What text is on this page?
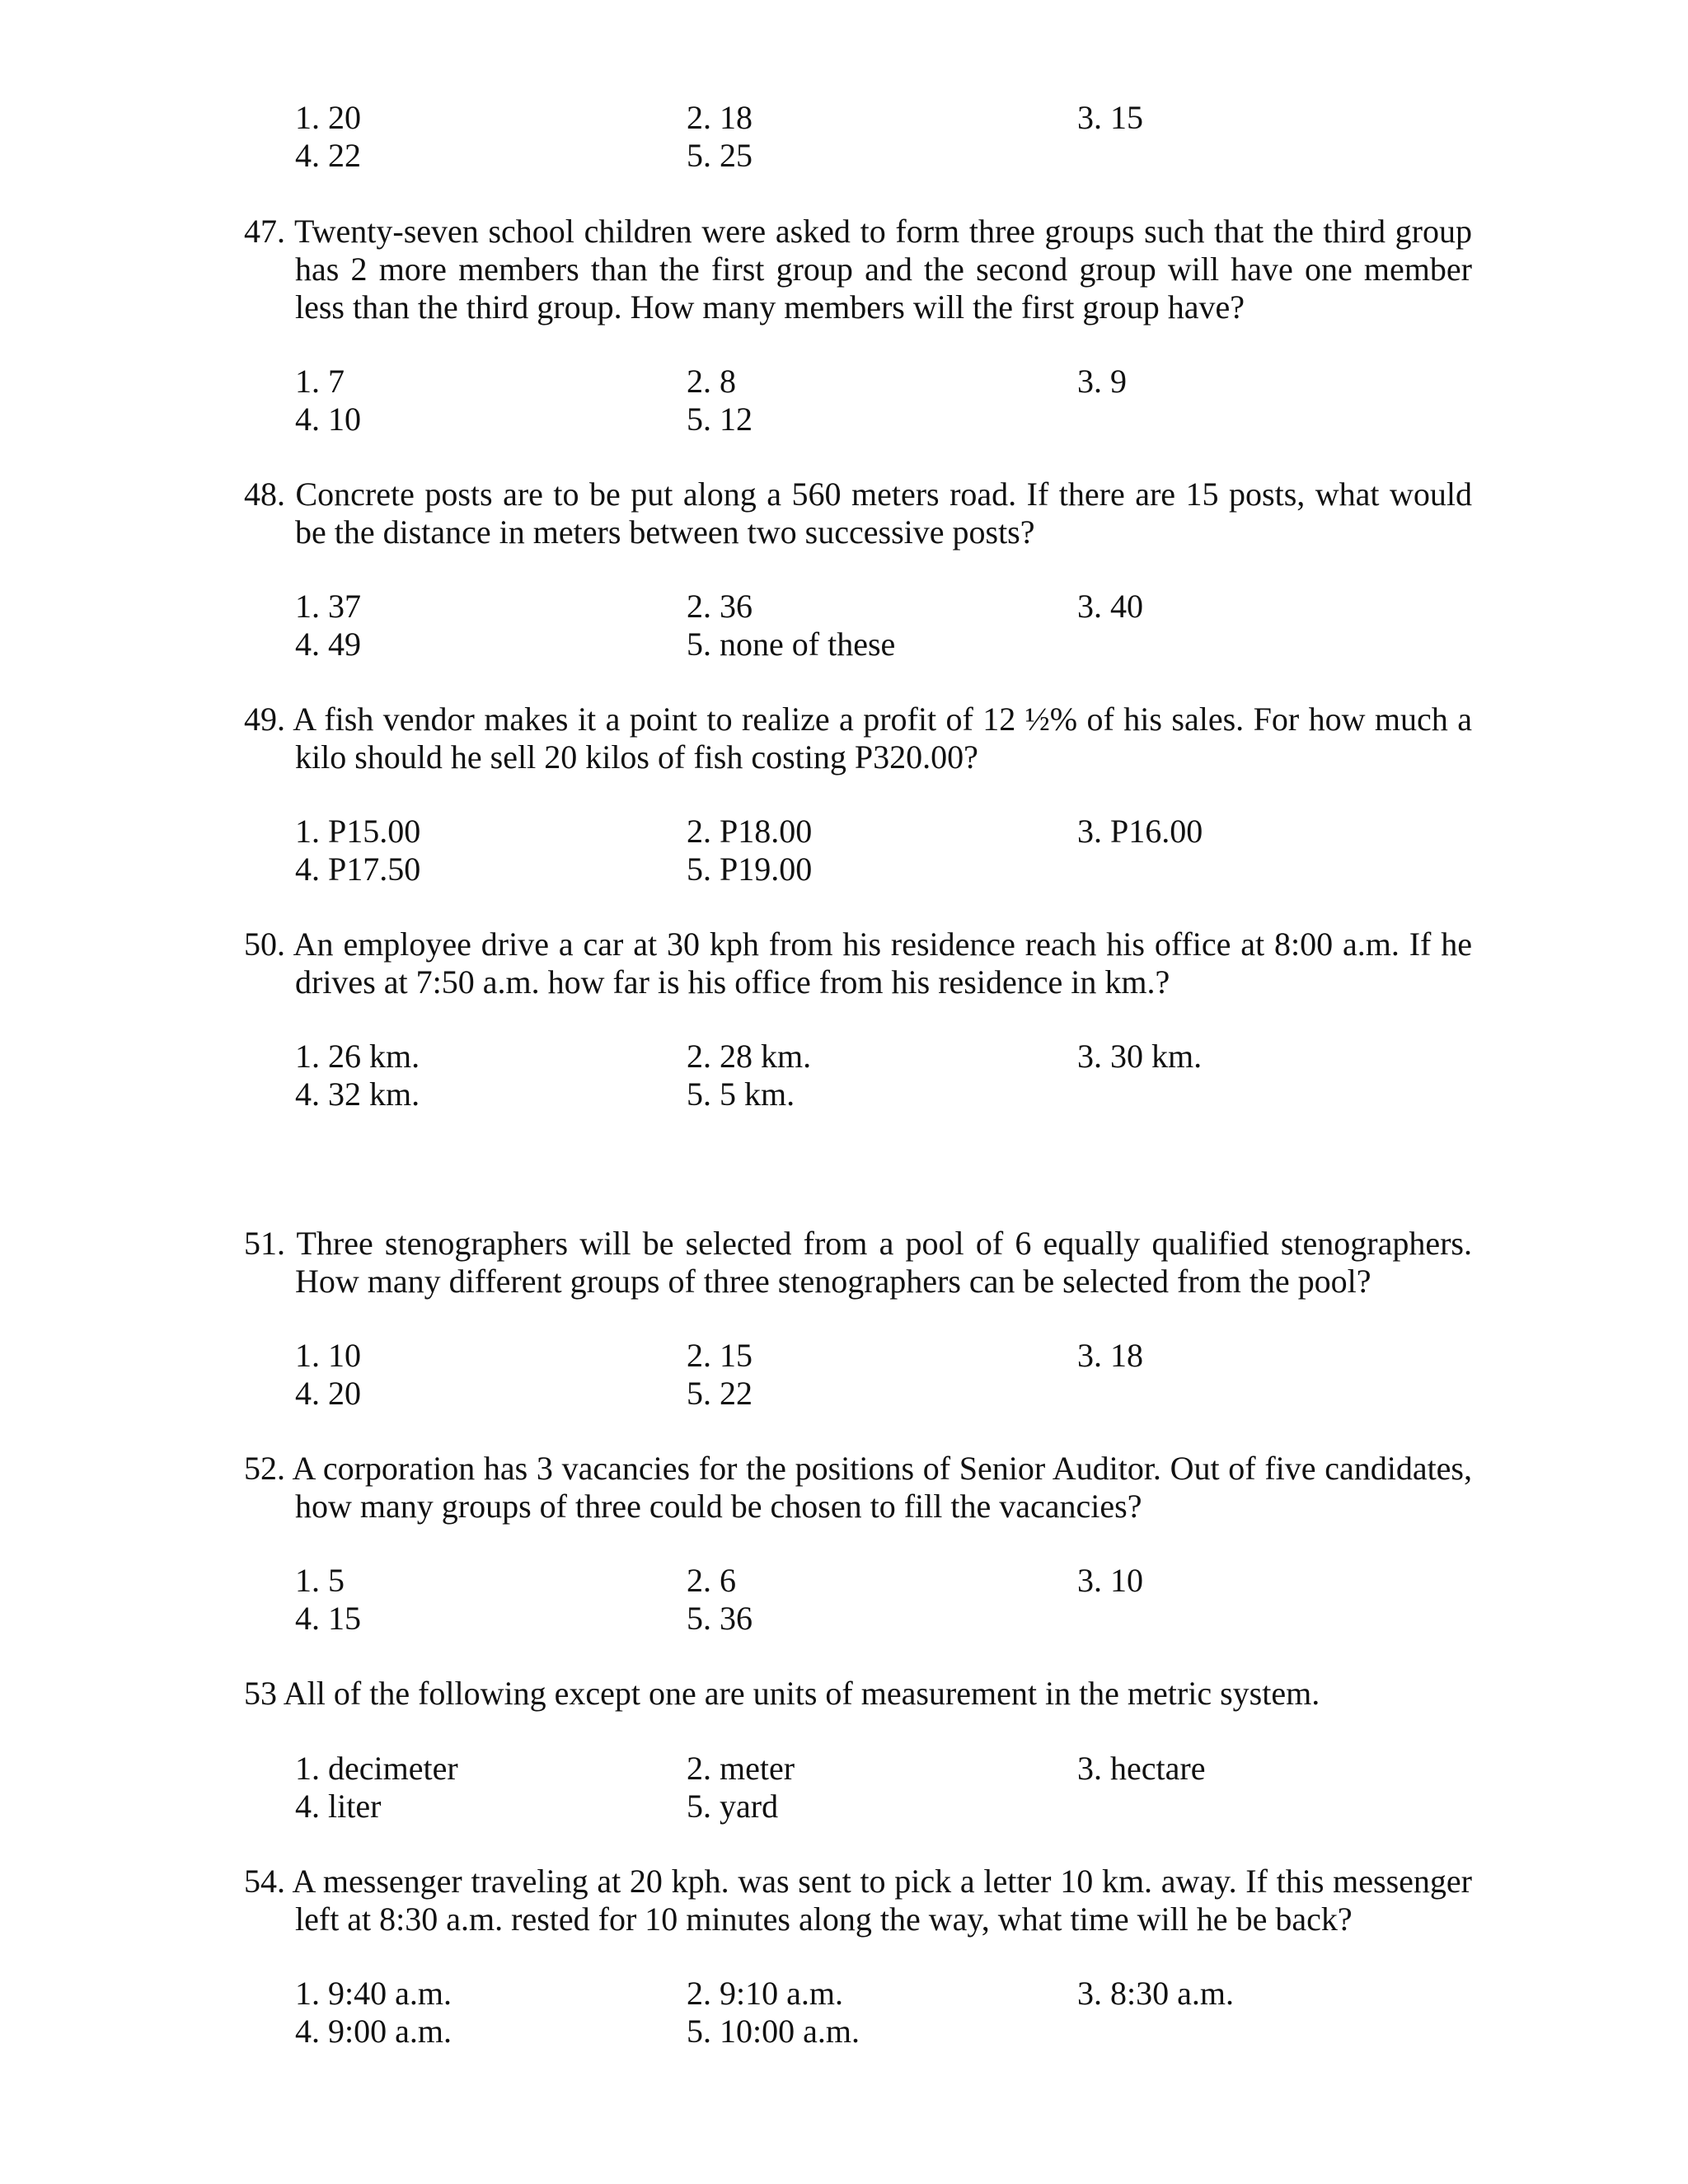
1. 20	2. 18	3. 15
4. 22	5. 25
47. Twenty-seven school children were asked to form three groups such that the third group has 2 more members than the first group and the second group will have one member less than the third group. How many members will the first group have?
1. 7	2. 8	3. 9
4. 10	5. 12
48. Concrete posts are to be put along a 560 meters road. If there are 15 posts, what would be the distance in meters between two successive posts?
1. 37	2. 36	3. 40
4. 49	5. none of these
49. A fish vendor makes it a point to realize a profit of 12 ½% of his sales. For how much a kilo should he sell 20 kilos of fish costing P320.00?
1. P15.00	2. P18.00	3. P16.00
4. P17.50	5. P19.00
50. An employee drive a car at 30 kph from his residence reach his office at 8:00 a.m. If he drives at 7:50 a.m. how far is his office from his residence in km.?
1. 26 km.	2. 28 km.	3. 30 km.
4. 32 km.	5. 5 km.
51. Three stenographers will be selected from a pool of 6 equally qualified stenographers. How many different groups of three stenographers can be selected from the pool?
1. 10	2. 15	3. 18
4. 20	5. 22
52. A corporation has 3 vacancies for the positions of Senior Auditor. Out of five candidates, how many groups of three could be chosen to fill the vacancies?
1. 5	2. 6	3. 10
4. 15	5. 36
53 All of the following except one are units of measurement in the metric system.
1. decimeter	2. meter	3. hectare
4. liter	5. yard
54. A messenger traveling at 20 kph. was sent to pick a letter 10 km. away. If this messenger left at 8:30 a.m. rested for 10 minutes along the way, what time will he be back?
1. 9:40 a.m.	2. 9:10 a.m.	3. 8:30 a.m.
4. 9:00 a.m.	5. 10:00 a.m.
